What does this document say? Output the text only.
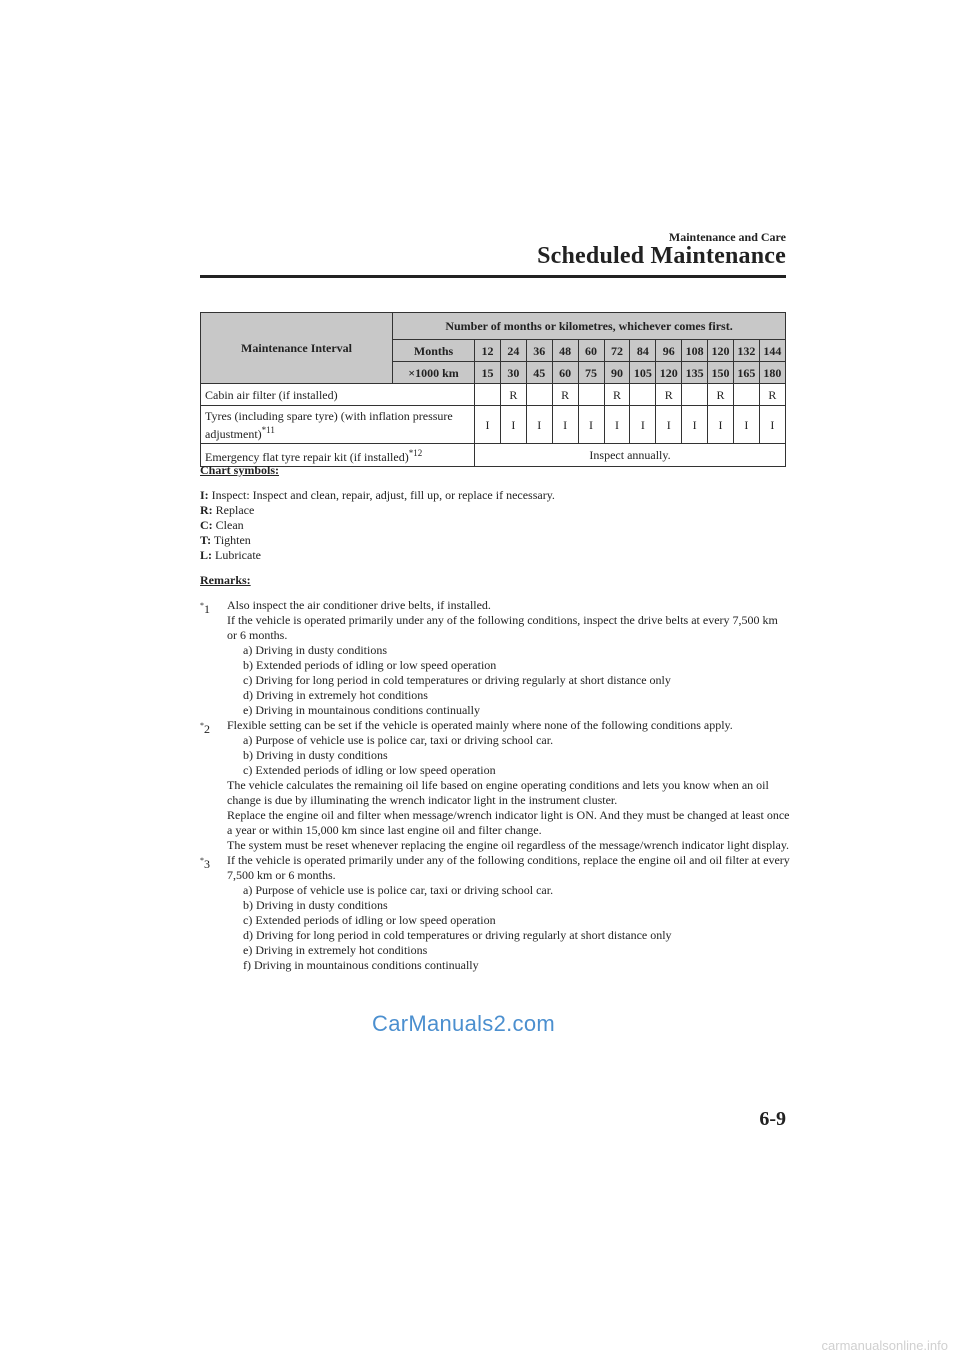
Maintenance and Care
Scheduled Maintenance
Maintenance Interval	Number of months or kilometres, whichever comes first.												
	Months	12	24	36	48	60	72	84	96	108	120	132	144
	×1000 km	15	30	45	60	75	90	105	120	135	150	165	180
Cabin air filter (if installed)			R		R		R		R		R		R
Tyres (including spare tyre) (with inflation pressure adjustment)$^{*11}$		I	I	I	I	I	I	I	I	I	I	I	I
Emergency flat tyre repair kit (if installed)$^{*12}$		Inspect annually.											
Chart symbols:
I: Inspect: Inspect and clean, repair, adjust, fill up, or replace if necessary.
R: Replace
C: Clean
T: Tighten
L: Lubricate
Remarks:
*1 Also inspect the air conditioner drive belts, if installed.
If the vehicle is operated primarily under any of the following conditions, inspect the drive belts at every 7,500 km or 6 months.
a) Driving in dusty conditions
b) Extended periods of idling or low speed operation
c) Driving for long period in cold temperatures or driving regularly at short distance only
d) Driving in extremely hot conditions
e) Driving in mountainous conditions continually
*2 Flexible setting can be set if the vehicle is operated mainly where none of the following conditions apply.
a) Purpose of vehicle use is police car, taxi or driving school car.
b) Driving in dusty conditions
c) Extended periods of idling or low speed operation
The vehicle calculates the remaining oil life based on engine operating conditions and lets you know when an oil change is due by illuminating the wrench indicator light in the instrument cluster.
Replace the engine oil and filter when message/wrench indicator light is ON. And they must be changed at least once a year or within 15,000 km since last engine oil and filter change.
The system must be reset whenever replacing the engine oil regardless of the message/wrench indicator light display.
*3 If the vehicle is operated primarily under any of the following conditions, replace the engine oil and oil filter at every 7,500 km or 6 months.
a) Purpose of vehicle use is police car, taxi or driving school car.
b) Driving in dusty conditions
c) Extended periods of idling or low speed operation
d) Driving for long period in cold temperatures or driving regularly at short distance only
e) Driving in extremely hot conditions
f) Driving in mountainous conditions continually
CarManuals2.com
6-9
carmanualsonline.info
